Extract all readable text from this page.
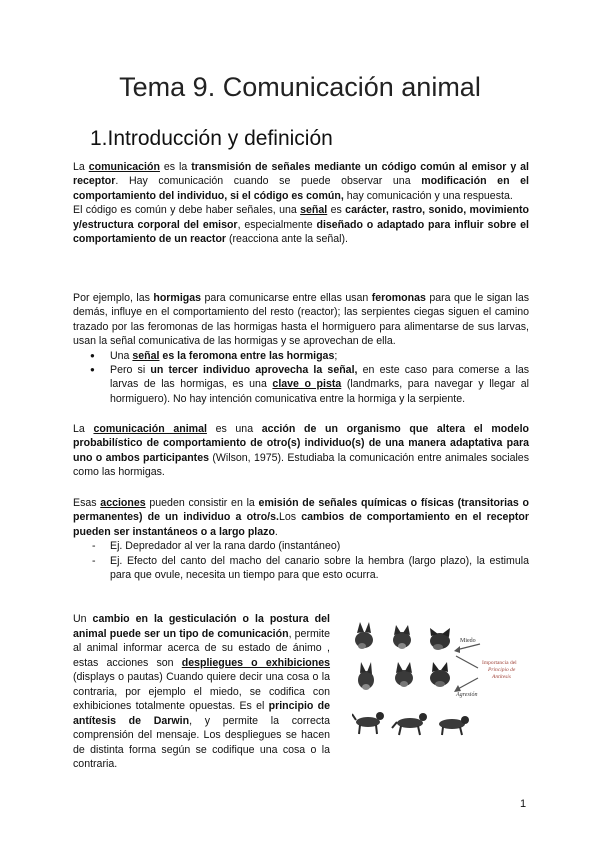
Tema 9. Comunicación animal
1.Introducción y definición

La comunicación es la transmisión de señales mediante un código común al emisor y al receptor. Hay comunicación cuando se puede observar una modificación en el comportamiento del individuo, si el código es común, hay comunicación y una respuesta.

El código es común y debe haber señales, una señal es carácter, rastro, sonido, movimiento y/estructura corporal del emisor, especialmente diseñado o adaptado para influir sobre el comportamiento de un reactor (reacciona ante la señal).

Por ejemplo, las hormigas para comunicarse entre ellas usan feromonas para que le sigan las demás, influye en el comportamiento del resto (reactor); las serpientes ciegas siguen el camino trazado por las feromonas de las hormigas hasta el hormiguero para alimentarse de sus larvas, usan la señal comunicativa de las hormigas y se aprovechan de ella.

● Una señal es la feromona entre las hormigas;
● Pero si un tercer individuo aprovecha la señal, en este caso para comerse a las larvas de las hormigas, es una clave o pista (landmarks, para navegar y llegar al hormiguero). No hay intención comunicativa entre la hormiga y la serpiente.

La comunicación animal es una acción de un organismo que altera el modelo probabilístico de comportamiento de otro(s) individuo(s) de una manera adaptativa para uno o ambos participantes (Wilson, 1975). Estudiaba la comunicación entre animales sociales como las hormigas.

Esas acciones pueden consistir en la emisión de señales químicas o físicas (transitorias o permanentes) de un individuo a otro/s.Los cambios de comportamiento en el receptor pueden ser instantáneos o a largo plazo.

- Ej. Depredador al ver la rana dardo (instantáneo)
- Ej. Efecto del canto del macho del canario sobre la hembra (largo plazo), la estimula para que ovule, necesita un tiempo para que esto ocurra.

Un cambio en la gesticulación o la postura del animal puede ser un tipo de comunicación, permite al animal informar acerca de su estado de ánimo , estas acciones son despliegues o exhibiciones (displays o pautas) Cuando quiere decir una cosa o la contraria, por ejemplo el miedo, se codifica con exhibiciones totalmente opuestas. Es el principio de antítesis de Darwin, y permite la correcta comprensión del mensaje. Los despliegues se hacen de distinta forma según se codifique una cosa o la contraria.

Miedo
Agresión
Importancia del
Principio de
Antítesis
1
